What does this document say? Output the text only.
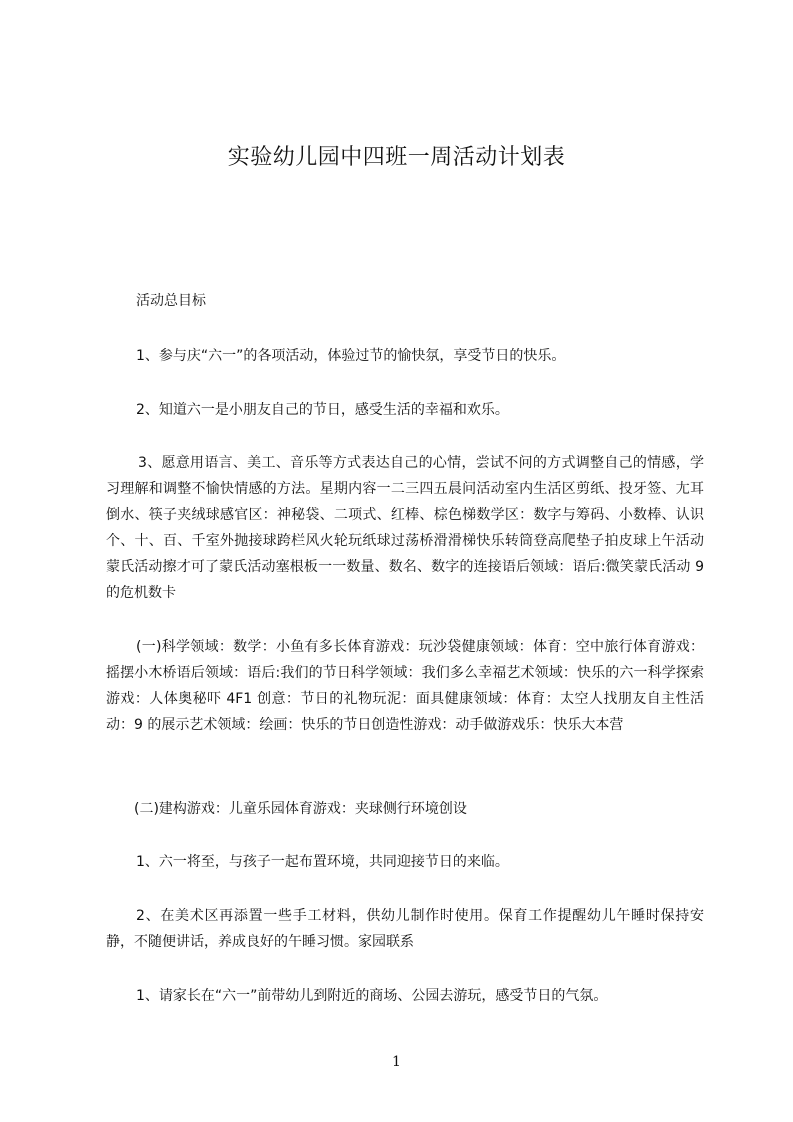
实验幼儿园中四班一周活动计划表

活动总目标

1、参与庆“六一”的各项活动，体验过节的愉快氛，享受节日的快乐。

2、知道六一是小朋友自己的节日，感受生活的幸福和欢乐。

3、愿意用语言、美工、音乐等方式表达自己的心情，尝试不问的方式调整自己的情感，学习理解和调整不愉快情感的方法。星期内容一二三四五晨问活动室内生活区剪纸、投牙签、尢耳倒水、筷子夹绒球感官区：神秘袋、二项式、红棒、棕色梯数学区：数字与筹码、小数棒、认识个、十、百、千室外抛接球跨栏风火轮玩纸球过荡桥滑滑梯快乐转筒登高爬垫子拍皮球上午活动蒙氏活动擦才可了蒙氏活动塞根板一一数量、数名、数字的连接语后领域：语后:微笑蒙氏活动 9 的危机数卡

(一)科学领域：数学：小鱼有多长体育游戏：玩沙袋健康领域：体育：空中旅行体育游戏：摇摆小木桥语后领域：语后:我们的节日科学领域：我们多么幸福艺术领域：快乐的六一科学探索游戏：人体奥秘吓 4F1 创意：节日的礼物玩泥：面具健康领域：体育：太空人找朋友自主性活动：9 的展示艺术领域：绘画：快乐的节日创造性游戏：动手做游戏乐：快乐大本营

(二)建构游戏：儿童乐园体育游戏：夹球侧行环境创设

1、六一将至，与孩子一起布置环境，共同迎接节日的来临。

2、在美术区再添置一些手工材料，供幼儿制作时使用。保育工作提醒幼儿午睡时保持安静，不随便讲话，养成良好的午睡习惯。家园联系

1、请家长在“六一”前带幼儿到附近的商场、公园去游玩，感受节日的气氛。

1
